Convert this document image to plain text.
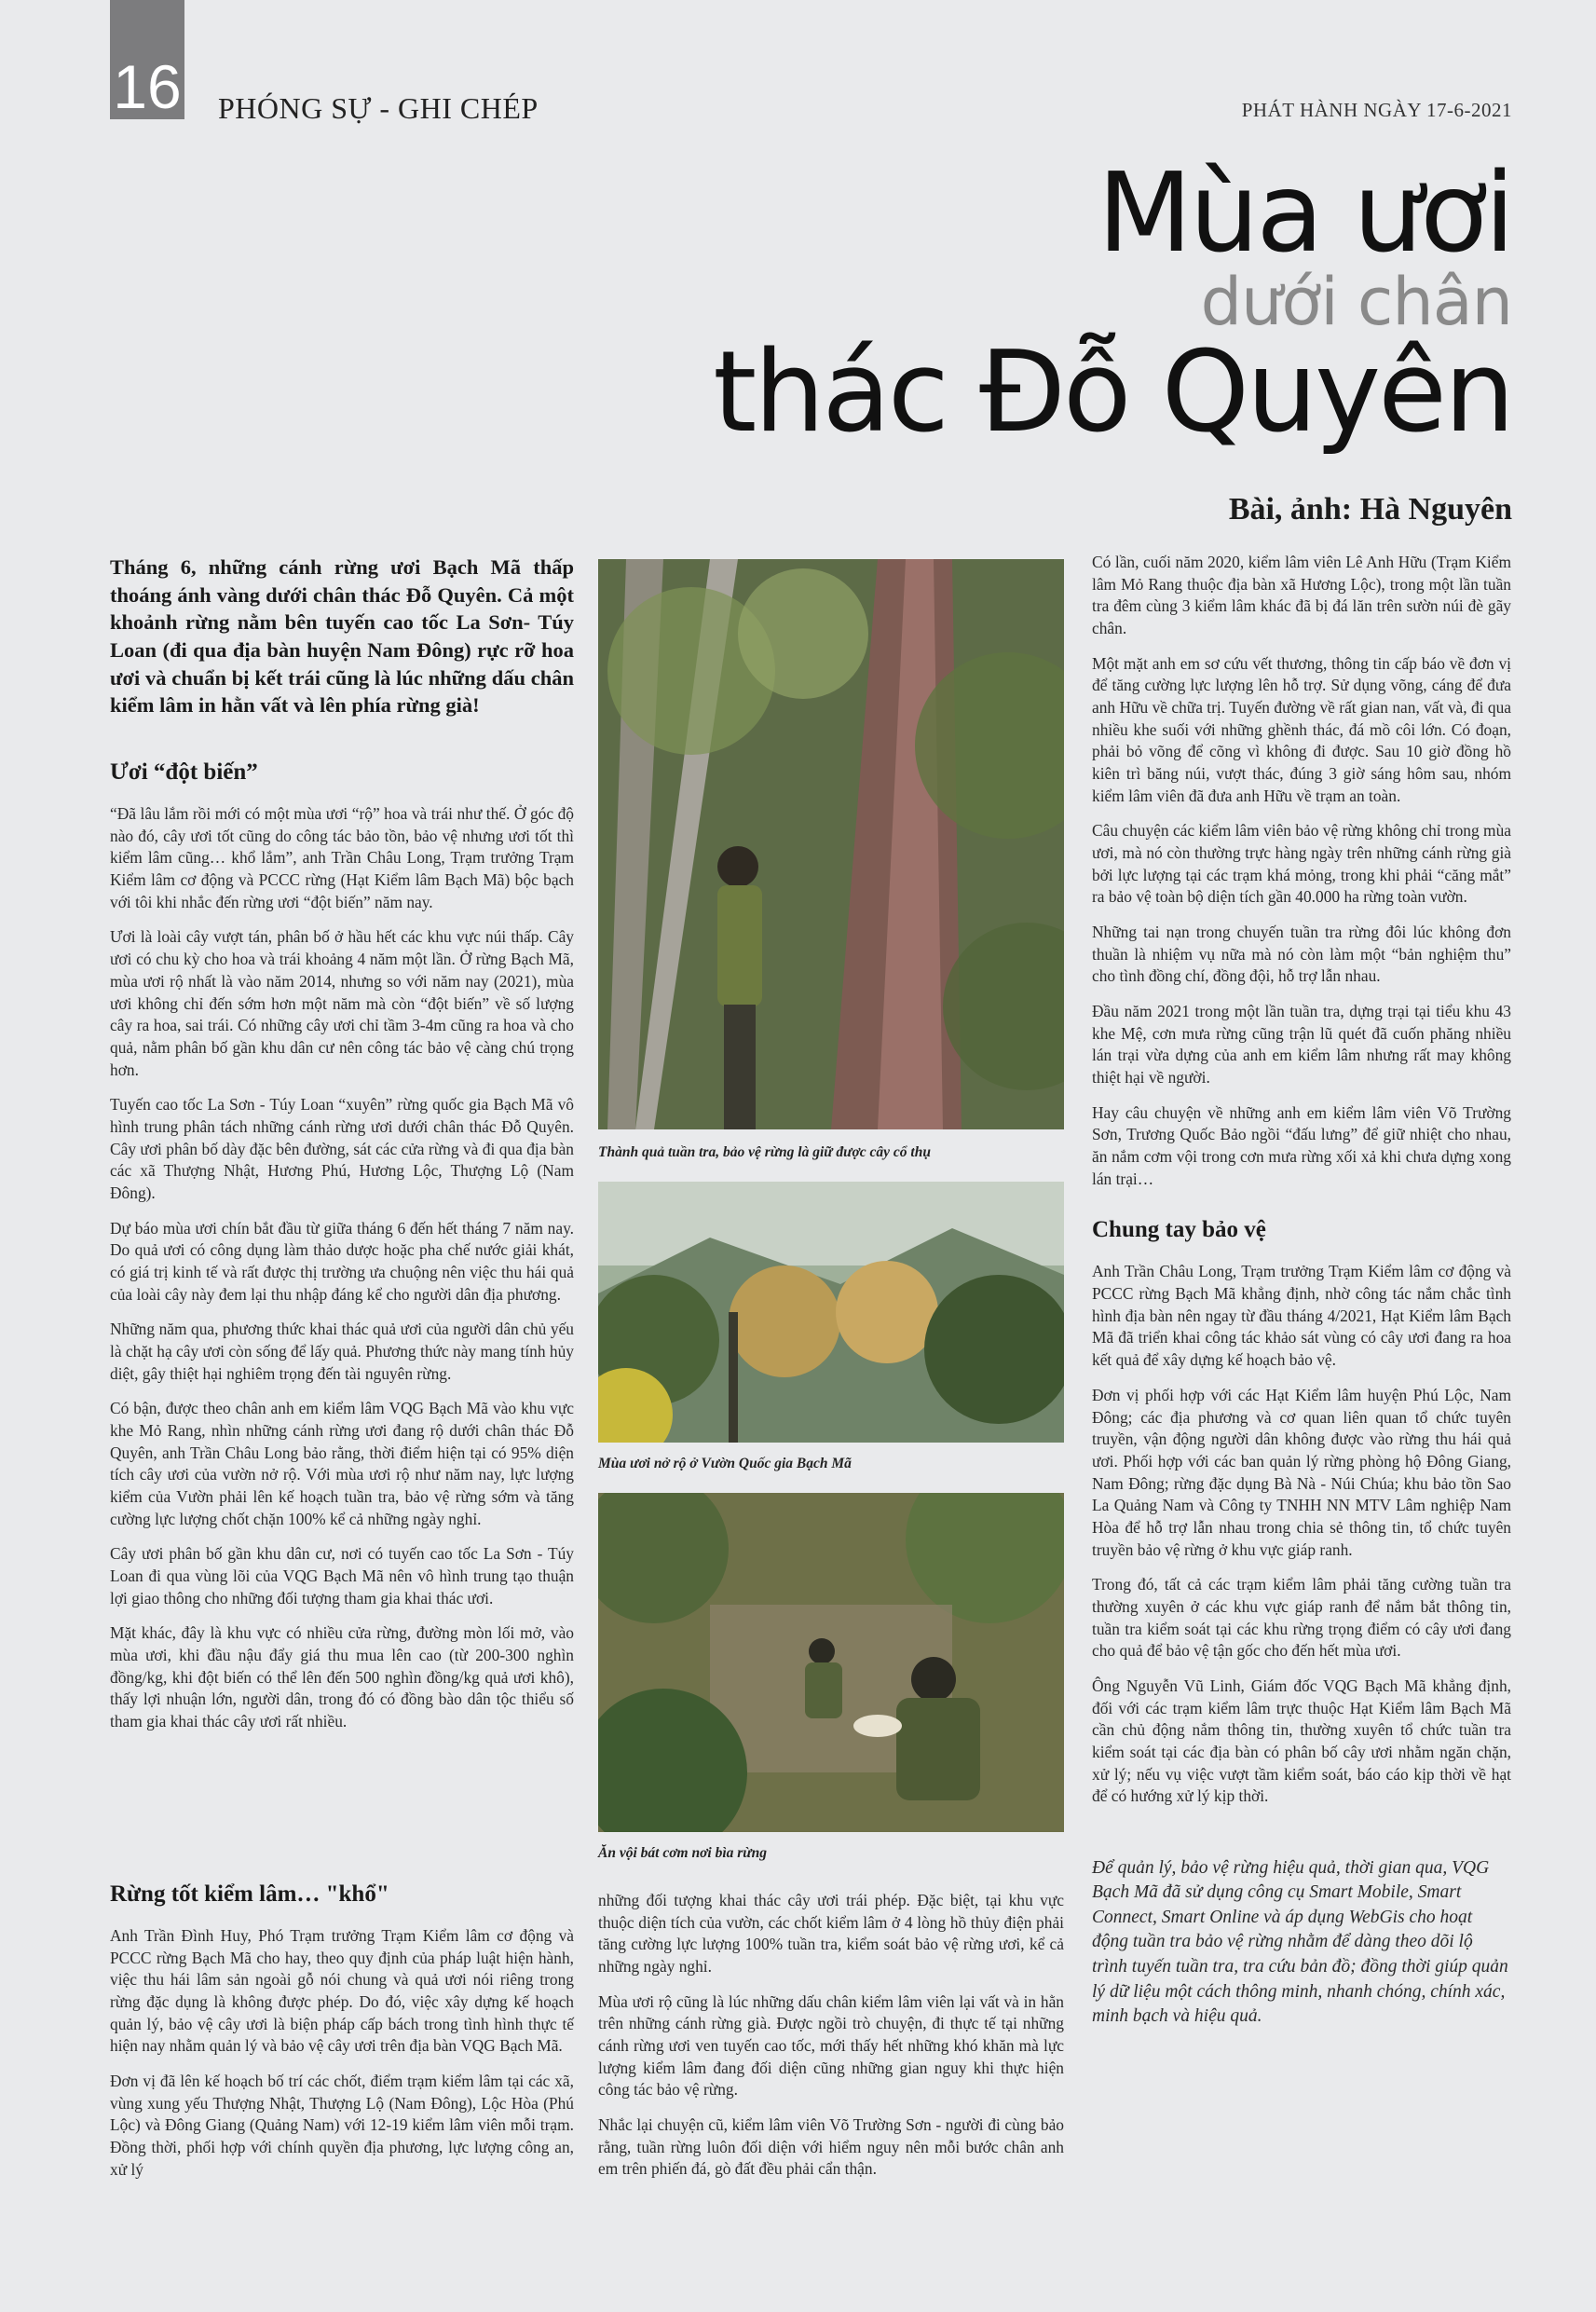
16 PHÓNG SỰ - GHI CHÉP	PHÁT HÀNH NGÀY 17-6-2021
Mùa ươi
dưới chân
thác Đỗ Quyên
Bài, ảnh: Hà Nguyên

Tháng 6, những cánh rừng ươi Bạch Mã thấp thoáng ánh vàng dưới chân thác Đỗ Quyên. Cả một khoảnh rừng nằm bên tuyến cao tốc La Sơn- Túy Loan (đi qua địa bàn huyện Nam Đông) rực rỡ hoa ươi và chuẩn bị kết trái cũng là lúc những dấu chân kiểm lâm in hằn vất và lên phía rừng già!

Ươi “đột biến”

“Đã lâu lắm rồi mới có một mùa ươi “rộ” hoa và trái như thế. Ở góc độ nào đó, cây ươi tốt cũng do công tác bảo tồn, bảo vệ nhưng ươi tốt thì kiểm lâm cũng… khổ lắm”, anh Trần Châu Long, Trạm trưởng Trạm Kiểm lâm cơ động và PCCC rừng (Hạt Kiểm lâm Bạch Mã) bộc bạch với tôi khi nhắc đến rừng ươi “đột biến” năm nay.

Ươi là loài cây vượt tán, phân bố ở hầu hết các khu vực núi thấp. Cây ươi có chu kỳ cho hoa và trái khoảng 4 năm một lần. Ở rừng Bạch Mã, mùa ươi rộ nhất là vào năm 2014, nhưng so với năm nay (2021), mùa ươi không chỉ đến sớm hơn một năm mà còn “đột biến” về số lượng cây ra hoa, sai trái. Có những cây ươi chỉ tầm 3-4m cũng ra hoa và cho quả, nằm phân bố gần khu dân cư nên công tác bảo vệ càng chú trọng hơn.

Tuyến cao tốc La Sơn - Túy Loan “xuyên” rừng quốc gia Bạch Mã vô hình trung phân tách những cánh rừng ươi dưới chân thác Đỗ Quyên. Cây ươi phân bố dày đặc bên đường, sát các cửa rừng và đi qua địa bàn các xã Thượng Nhật, Hương Phú, Hương Lộc, Thượng Lộ (Nam Đông).

Dự báo mùa ươi chín bắt đầu từ giữa tháng 6 đến hết tháng 7 năm nay. Do quả ươi có công dụng làm thảo dược hoặc pha chế nước giải khát, có giá trị kinh tế và rất được thị trường ưa chuộng nên việc thu hái quả của loài cây này đem lại thu nhập đáng kể cho người dân địa phương.

Những năm qua, phương thức khai thác quả ươi của người dân chủ yếu là chặt hạ cây ươi còn sống để lấy quả. Phương thức này mang tính hủy diệt, gây thiệt hại nghiêm trọng đến tài nguyên rừng.

Có bận, được theo chân anh em kiểm lâm VQG Bạch Mã vào khu vực khe Mỏ Rang, nhìn những cánh rừng ươi đang rộ dưới chân thác Đỗ Quyên, anh Trần Châu Long bảo rằng, thời điểm hiện tại có 95% diện tích cây ươi của vườn nở rộ. Với mùa ươi rộ như năm nay, lực lượng kiểm của Vườn phải lên kế hoạch tuần tra, bảo vệ rừng sớm và tăng cường lực lượng chốt chặn 100% kể cả những ngày nghỉ.

Cây ươi phân bố gần khu dân cư, nơi có tuyến cao tốc La Sơn - Túy Loan đi qua vùng lõi của VQG Bạch Mã nên vô hình trung tạo thuận lợi giao thông cho những đối tượng tham gia khai thác ươi.

Mặt khác, đây là khu vực có nhiều cửa rừng, đường mòn lối mở, vào mùa ươi, khi đầu nậu đẩy giá thu mua lên cao (từ 200-300 nghìn đồng/kg, khi đột biến có thể lên đến 500 nghìn đồng/kg quả ươi khô), thấy lợi nhuận lớn, người dân, trong đó có đồng bào dân tộc thiểu số tham gia khai thác cây ươi rất nhiều.

Rừng tốt kiểm lâm… "khổ"

Anh Trần Đình Huy, Phó Trạm trưởng Trạm Kiểm lâm cơ động và PCCC rừng Bạch Mã cho hay, theo quy định của pháp luật hiện hành, việc thu hái lâm sản ngoài gỗ nói chung và quả ươi nói riêng trong rừng đặc dụng là không được phép. Do đó, việc xây dựng kế hoạch quản lý, bảo vệ cây ươi là biện pháp cấp bách trong tình hình thực tế hiện nay nhằm quản lý và bảo vệ cây ươi trên địa bàn VQG Bạch Mã.

Đơn vị đã lên kế hoạch bố trí các chốt, điểm trạm kiểm lâm tại các xã, vùng xung yếu Thượng Nhật, Thượng Lộ (Nam Đông), Lộc Hòa (Phú Lộc) và Đông Giang (Quảng Nam) với 12-19 kiểm lâm viên mỗi trạm. Đồng thời, phối hợp với chính quyền địa phương, lực lượng công an, xử lý

Thành quả tuần tra, bảo vệ rừng là giữ được cây cổ thụ
Mùa ươi nở rộ ở Vườn Quốc gia Bạch Mã
Ăn vội bát cơm nơi bìa rừng

những đối tượng khai thác cây ươi trái phép. Đặc biệt, tại khu vực thuộc diện tích của vườn, các chốt kiểm lâm ở 4 lòng hồ thủy điện phải tăng cường lực lượng 100% tuần tra, kiểm soát bảo vệ rừng ươi, kể cả những ngày nghỉ.

Mùa ươi rộ cũng là lúc những dấu chân kiểm lâm viên lại vất và in hằn trên những cánh rừng già. Được ngồi trò chuyện, đi thực tế tại những cánh rừng ươi ven tuyến cao tốc, mới thấy hết những khó khăn mà lực lượng kiểm lâm đang đối diện cũng những gian nguy khi thực hiện công tác bảo vệ rừng.

Nhắc lại chuyện cũ, kiểm lâm viên Võ Trường Sơn - người đi cùng bảo rằng, tuần rừng luôn đối diện với hiểm nguy nên mỗi bước chân anh em trên phiến đá, gò đất đều phải cẩn thận.

Có lần, cuối năm 2020, kiểm lâm viên Lê Anh Hữu (Trạm Kiểm lâm Mỏ Rang thuộc địa bàn xã Hương Lộc), trong một lần tuần tra đêm cùng 3 kiểm lâm khác đã bị đá lăn trên sườn núi đè gãy chân.

Một mặt anh em sơ cứu vết thương, thông tin cấp báo về đơn vị để tăng cường lực lượng lên hỗ trợ. Sử dụng võng, cáng để đưa anh Hữu về chữa trị. Tuyến đường về rất gian nan, vất và, đi qua nhiều khe suối với những ghềnh thác, đá mồ côi lớn. Có đoạn, phải bỏ võng để cõng vì không đi được. Sau 10 giờ đồng hồ kiên trì băng núi, vượt thác, đúng 3 giờ sáng hôm sau, nhóm kiểm lâm viên đã đưa anh Hữu về trạm an toàn.

Câu chuyện các kiểm lâm viên bảo vệ rừng không chỉ trong mùa ươi, mà nó còn thường trực hàng ngày trên những cánh rừng già bởi lực lượng tại các trạm khá mỏng, trong khi phải “căng mắt” ra bảo vệ toàn bộ diện tích gần 40.000 ha rừng toàn vườn.

Những tai nạn trong chuyến tuần tra rừng đôi lúc không đơn thuần là nhiệm vụ nữa mà nó còn làm một “bản nghiệm thu” cho tình đồng chí, đồng đội, hỗ trợ lẫn nhau.

Đầu năm 2021 trong một lần tuần tra, dựng trại tại tiểu khu 43 khe Mệ, cơn mưa rừng cũng trận lũ quét đã cuốn phăng nhiều lán trại vừa dựng của anh em kiểm lâm nhưng rất may không thiệt hại về người.

Hay câu chuyện về những anh em kiểm lâm viên Võ Trường Sơn, Trương Quốc Bảo ngồi “đấu lưng” để giữ nhiệt cho nhau, ăn nắm cơm vội trong cơn mưa rừng xối xả khi chưa dựng xong lán trại…

Chung tay bảo vệ

Anh Trần Châu Long, Trạm trưởng Trạm Kiểm lâm cơ động và PCCC rừng Bạch Mã khẳng định, nhờ công tác nắm chắc tình hình địa bàn nên ngay từ đầu tháng 4/2021, Hạt Kiểm lâm Bạch Mã đã triển khai công tác khảo sát vùng có cây ươi đang ra hoa kết quả để xây dựng kế hoạch bảo vệ.

Đơn vị phối hợp với các Hạt Kiểm lâm huyện Phú Lộc, Nam Đông; các địa phương và cơ quan liên quan tổ chức tuyên truyền, vận động người dân không được vào rừng thu hái quả ươi. Phối hợp với các ban quản lý rừng phòng hộ Đông Giang, Nam Đông; rừng đặc dụng Bà Nà - Núi Chúa; khu bảo tồn Sao La Quảng Nam và Công ty TNHH NN MTV Lâm nghiệp Nam Hòa để hỗ trợ lẫn nhau trong chia sẻ thông tin, tổ chức tuyên truyền bảo vệ rừng ở khu vực giáp ranh.

Trong đó, tất cả các trạm kiểm lâm phải tăng cường tuần tra thường xuyên ở các khu vực giáp ranh để nắm bắt thông tin, tuần tra kiểm soát tại các khu rừng trọng điểm có cây ươi đang cho quả để bảo vệ tận gốc cho đến hết mùa ươi.

Ông Nguyễn Vũ Linh, Giám đốc VQG Bạch Mã khẳng định, đối với các trạm kiểm lâm trực thuộc Hạt Kiểm lâm Bạch Mã cần chủ động nắm thông tin, thường xuyên tổ chức tuần tra kiểm soát tại các địa bàn có phân bố cây ươi nhằm ngăn chặn, xử lý; nếu vụ việc vượt tầm kiểm soát, báo cáo kịp thời về hạt để có hướng xử lý kịp thời.

Để quản lý, bảo vệ rừng hiệu quả, thời gian qua, VQG Bạch Mã đã sử dụng công cụ Smart Mobile, Smart Connect, Smart Online và áp dụng WebGis cho hoạt động tuần tra bảo vệ rừng nhằm để dàng theo dõi lộ trình tuyến tuần tra, tra cứu bản đồ; đồng thời giúp quản lý dữ liệu một cách thông minh, nhanh chóng, chính xác, minh bạch và hiệu quả.
